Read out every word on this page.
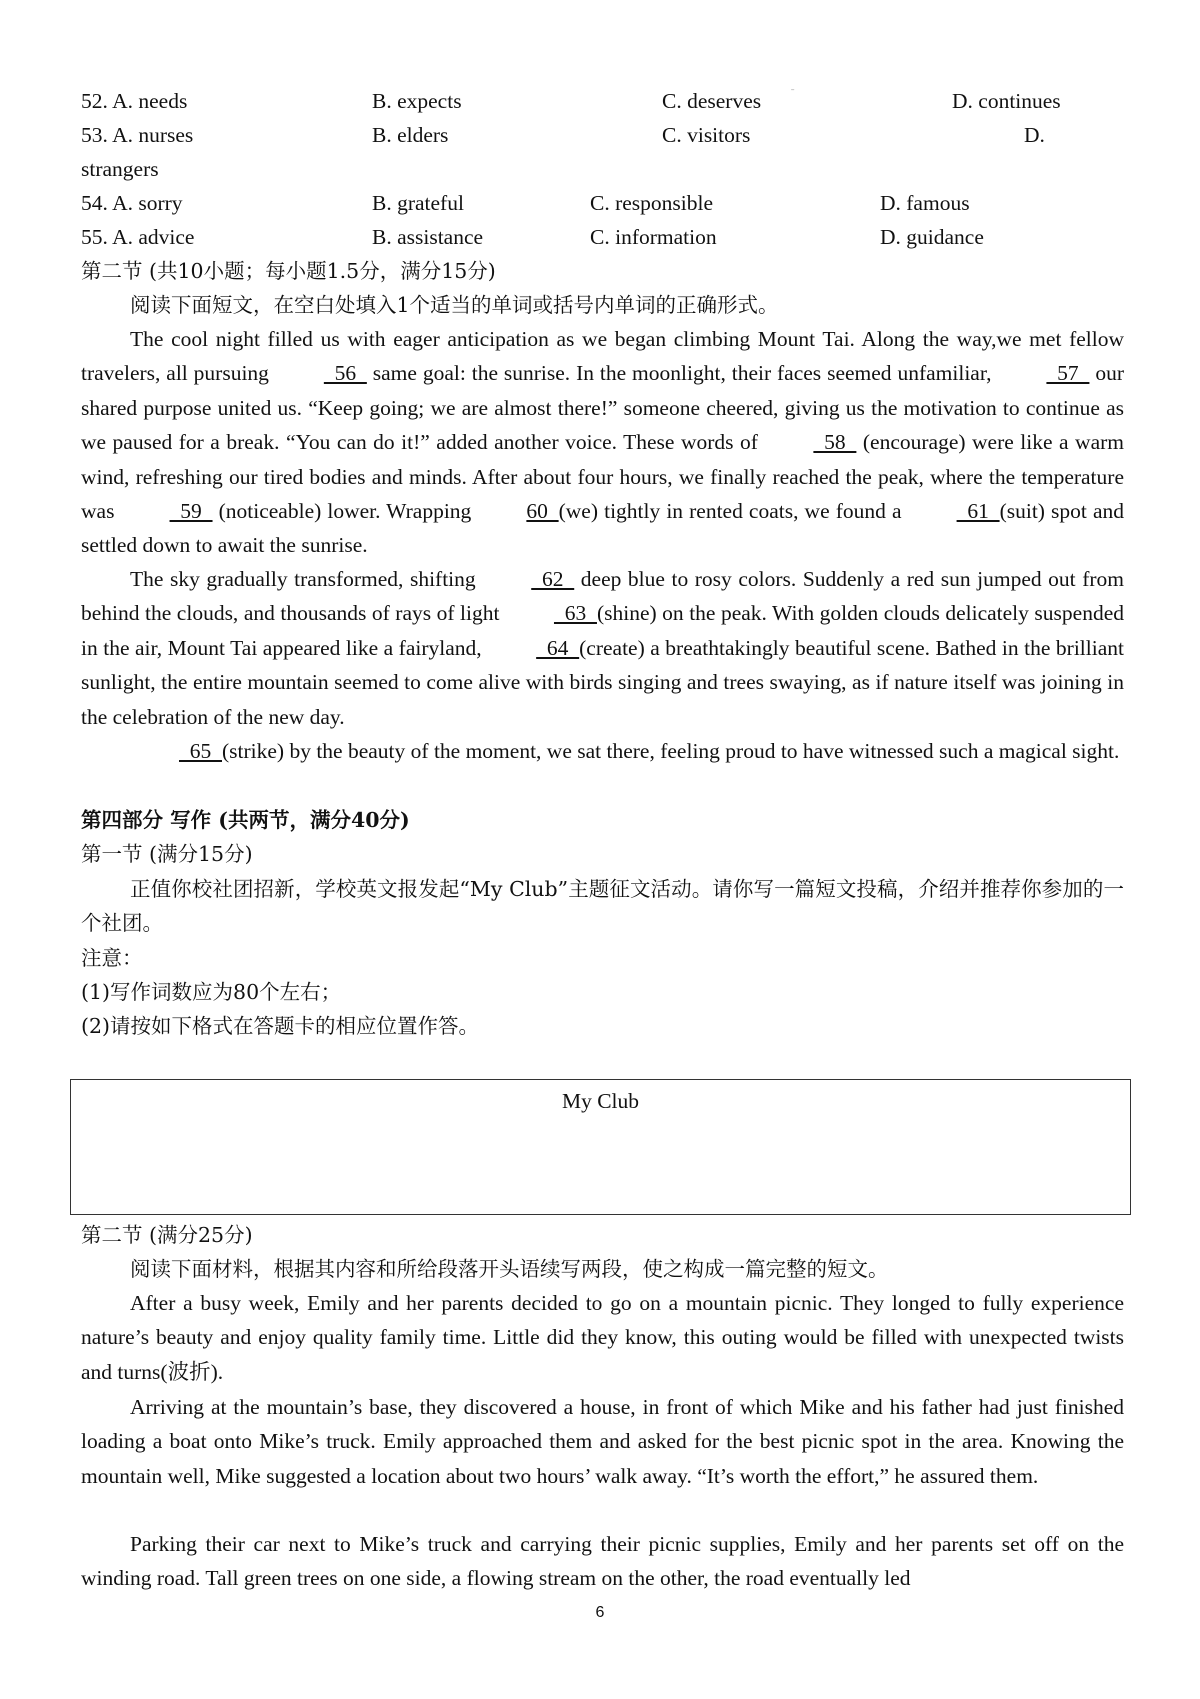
52. A. needs	B. expects	C. deserves	ˉ	D. continues
53. A. nurses	B. elders	C. visitors	D.
strangers
54. A. sorry	B. grateful	C. responsible	D. famous
55. A. advice	B. assistance	C. information	D. guidance
第二节 (共10小题；每小题1.5分，满分15分)
阅读下面短文，在空白处填入1个适当的单词或括号内单词的正确形式。
The cool night filled us with eager anticipation as we began climbing Mount Tai. Along the way,we met fellow travelers, all pursuing   56   same goal: the sunrise. In the moonlight, their faces seemed unfamiliar,   57   our shared purpose united us. “Keep going; we are almost there!” someone cheered, giving us the motivation to continue as we paused for a break. “You can do it!” added another voice. These words of   58   (encourage) were like a warm wind, refreshing our tired bodies and minds. After about four hours, we finally reached the peak, where the temperature was   59   (noticeable) lower. Wrapping 60  (we) tightly in rented coats, we found a   61  (suit) spot and settled down to await the sunrise.
The sky gradually transformed, shifting   62   deep blue to rosy colors. Suddenly a red sun jumped out from behind the clouds, and thousands of rays of light   63  (shine) on the peak. With golden clouds delicately suspended in the air, Mount Tai appeared like a fairyland,   64  (create) a breathtakingly beautiful scene. Bathed in the brilliant sunlight, the entire mountain seemed to come alive with birds singing and trees swaying, as if nature itself was joining in the celebration of the new day.
65  (strike) by the beauty of the moment, we sat there, feeling proud to have witnessed such a magical sight.
第四部分 写作 (共两节，满分40分)
第一节 (满分15分)
正值你校社团招新，学校英文报发起“My Club”主题征文活动。请你写一篇短文投稿，介绍并推荐你参加的一个社团。
注意：
(1)写作词数应为80个左右；
(2)请按如下格式在答题卡的相应位置作答。
My Club
第二节 (满分25分)
阅读下面材料，根据其内容和所给段落开头语续写两段，使之构成一篇完整的短文。
After a busy week, Emily and her parents decided to go on a mountain picnic. They longed to fully experience nature’s beauty and enjoy quality family time. Little did they know, this outing would be filled with unexpected twists and turns(波折).
Arriving at the mountain’s base, they discovered a house, in front of which Mike and his father had just finished loading a boat onto Mike’s truck. Emily approached them and asked for the best picnic spot in the area. Knowing the mountain well, Mike suggested a location about two hours’ walk away. “It’s worth the effort,” he assured them.
Parking their car next to Mike’s truck and carrying their picnic supplies, Emily and her parents set off on the winding road. Tall green trees on one side, a flowing stream on the other, the road eventually led
6
